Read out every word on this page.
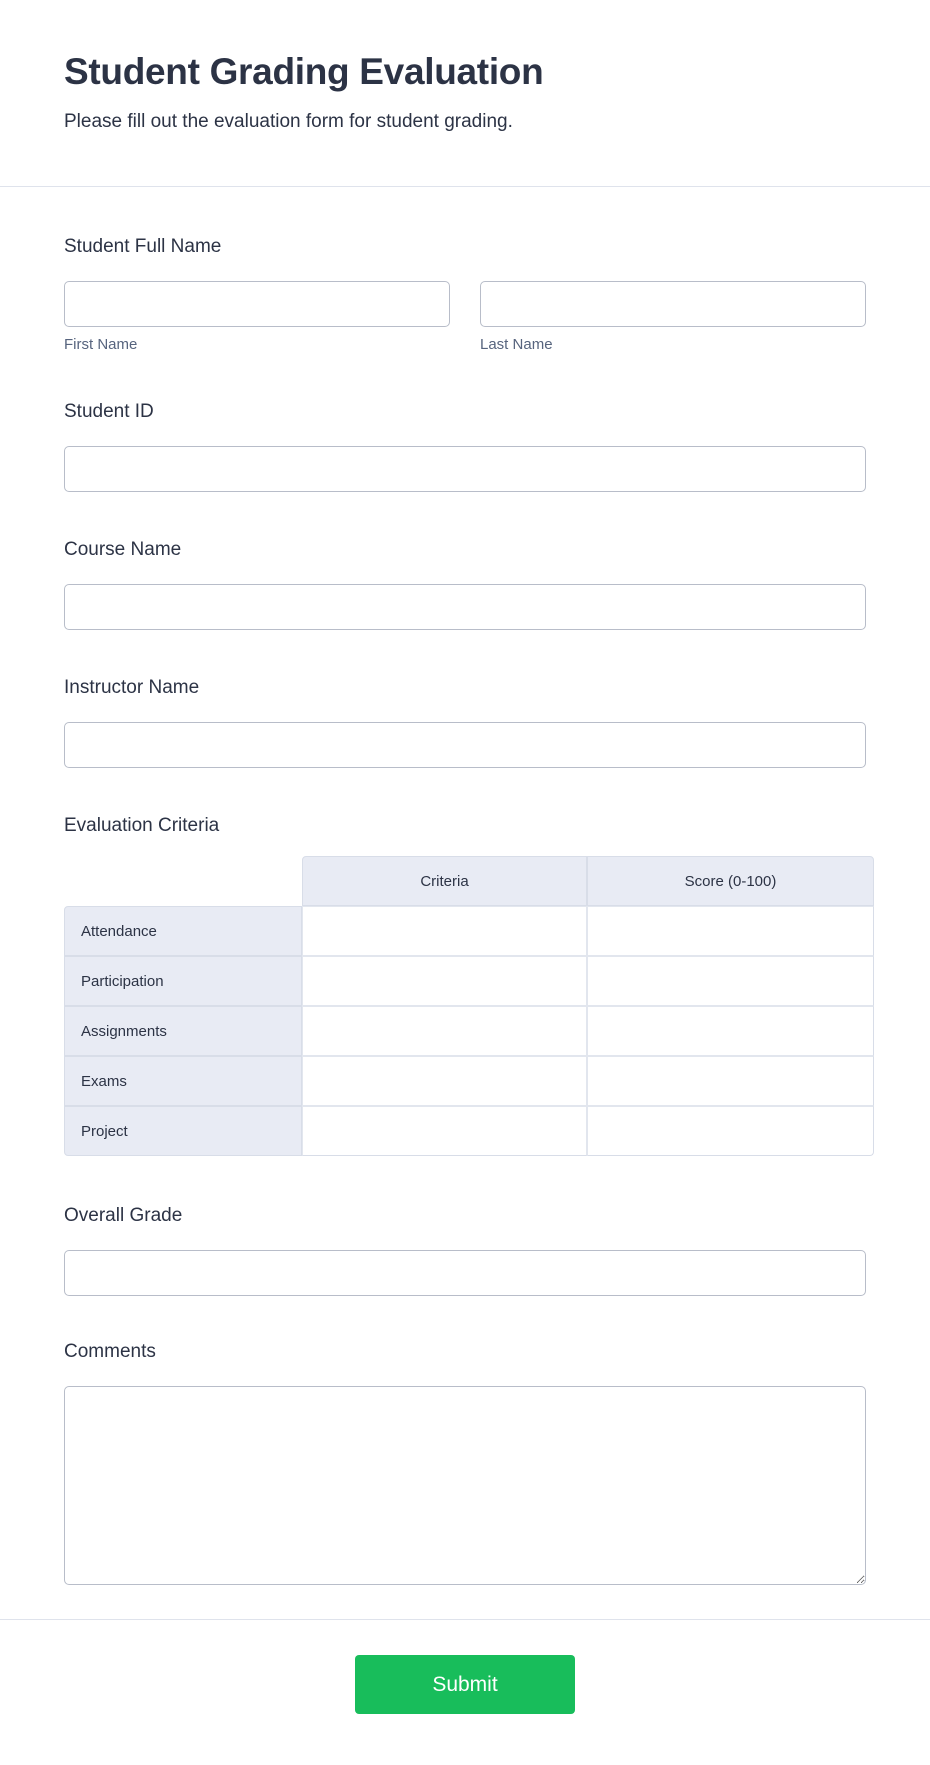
Student Grading Evaluation
Please fill out the evaluation form for student grading.
Student Full Name
First Name	Last Name
Student ID
Course Name
Instructor Name
Evaluation Criteria
Criteria	Score (0-100)
Attendance
Participation
Assignments
Exams
Project
Overall Grade
Comments
Submit
